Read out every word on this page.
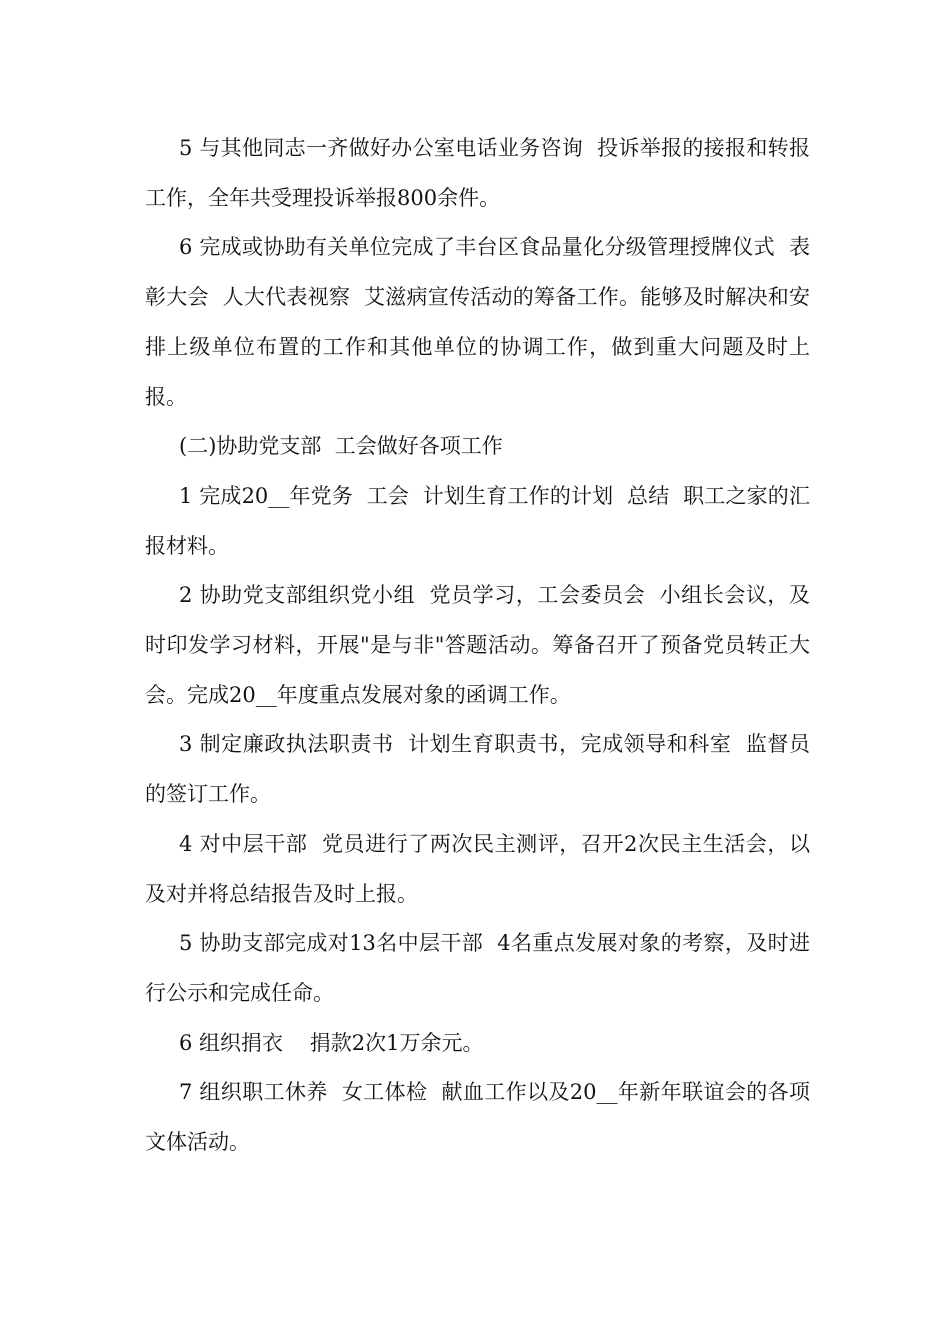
5 与其他同志一齐做好办公室电话业务咨询  投诉举报的接报和转报工作，全年共受理投诉举报800余件。

6 完成或协助有关单位完成了丰台区食品量化分级管理授牌仪式  表彰大会  人大代表视察  艾滋病宣传活动的筹备工作。能够及时解决和安排上级单位布置的工作和其他单位的协调工作，做到重大问题及时上报。

(二)协助党支部  工会做好各项工作

1 完成20__年党务  工会  计划生育工作的计划  总结  职工之家的汇报材料。

2 协助党支部组织党小组  党员学习，工会委员会  小组长会议，及时印发学习材料，开展"是与非"答题活动。筹备召开了预备党员转正大会。完成20__年度重点发展对象的函调工作。

3 制定廉政执法职责书  计划生育职责书，完成领导和科室  监督员的签订工作。

4 对中层干部  党员进行了两次民主测评，召开2次民主生活会，以及对并将总结报告及时上报。

5 协助支部完成对13名中层干部  4名重点发展对象的考察，及时进行公示和完成任命。

6 组织捐衣    捐款2次1万余元。

7 组织职工休养  女工体检  献血工作以及20__年新年联谊会的各项文体活动。
